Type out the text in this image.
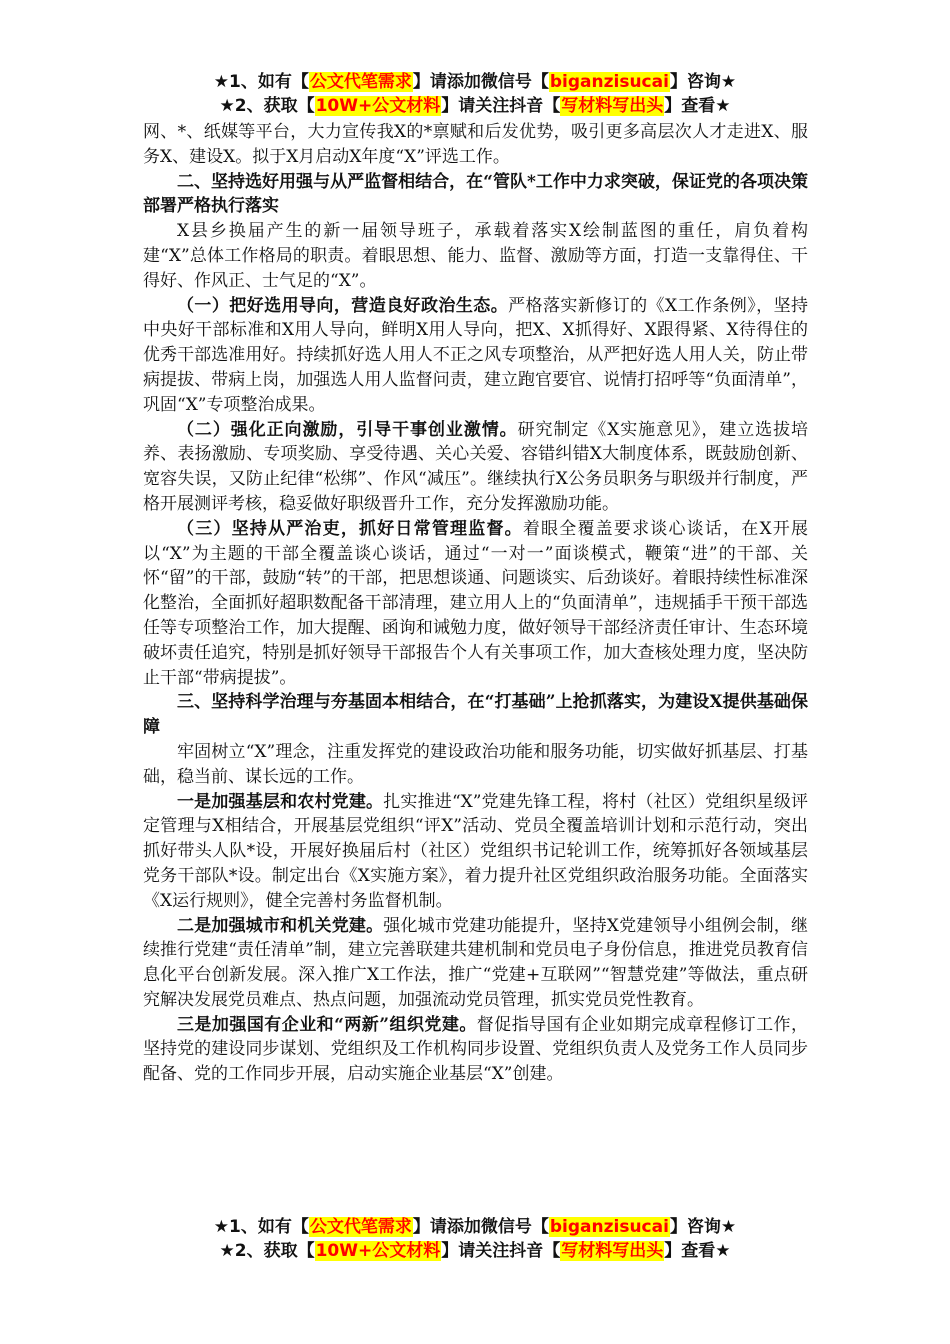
★1、如有【公文代笔需求】请添加微信号【biganzisucai】咨询★
★2、获取【10W+公文材料】请关注抖音【写材料写出头】查看★

网、*、纸媒等平台，大力宣传我X的*禀赋和后发优势，吸引更多高层次人才走进X、服务X、建设X。拟于X月启动X年度“X”评选工作。

二、坚持选好用强与从严监督相结合，在“管队*工作中力求突破，保证党的各项决策部署严格执行落实

X县乡换届产生的新一届领导班子，承载着落实X绘制蓝图的重任，肩负着构建“X”总体工作格局的职责。着眼思想、能力、监督、激励等方面，打造一支靠得住、干得好、作风正、士气足的“X”。

（一）把好选用导向，营造良好政治生态。严格落实新修订的《X工作条例》，坚持中央好干部标准和X用人导向，鲜明X用人导向，把X、X抓得好、X跟得紧、X待得住的优秀干部选准用好。持续抓好选人用人不正之风专项整治，从严把好选人用人关，防止带病提拔、带病上岗，加强选人用人监督问责，建立跑官要官、说情打招呼等“负面清单”，巩固“X”专项整治成果。

（二）强化正向激励，引导干事创业激情。研究制定《X实施意见》，建立选拔培养、表扬激励、专项奖励、享受待遇、关心关爱、容错纠错X大制度体系，既鼓励创新、宽容失误，又防止纪律“松绑”、作风“减压”。继续执行X公务员职务与职级并行制度，严格开展测评考核，稳妥做好职级晋升工作，充分发挥激励功能。

（三）坚持从严治吏，抓好日常管理监督。着眼全覆盖要求谈心谈话，在X开展以“X”为主题的干部全覆盖谈心谈话，通过“一对一”面谈模式，鞭策“进”的干部、关怀“留”的干部，鼓励“转”的干部，把思想谈通、问题谈实、后劲谈好。着眼持续性标准深化整治，全面抓好超职数配备干部清理，建立用人上的“负面清单”，违规插手干预干部选任等专项整治工作，加大提醒、函询和诫勉力度，做好领导干部经济责任审计、生态环境破坏责任追究，特别是抓好领导干部报告个人有关事项工作，加大查核处理力度，坚决防止干部“带病提拔”。

三、坚持科学治理与夯基固本相结合，在“打基础”上抢抓落实，为建设X提供基础保障

牢固树立“X”理念，注重发挥党的建设政治功能和服务功能，切实做好抓基层、打基础，稳当前、谋长远的工作。

一是加强基层和农村党建。扎实推进“X”党建先锋工程，将村（社区）党组织星级评定管理与X相结合，开展基层党组织“评X”活动、党员全覆盖培训计划和示范行动，突出抓好带头人队*设，开展好换届后村（社区）党组织书记轮训工作，统筹抓好各领域基层党务干部队*设。制定出台《X实施方案》，着力提升社区党组织政治服务功能。全面落实《X运行规则》，健全完善村务监督机制。

二是加强城市和机关党建。强化城市党建功能提升，坚持X党建领导小组例会制，继续推行党建“责任清单”制，建立完善联建共建机制和党员电子身份信息，推进党员教育信息化平台创新发展。深入推广X工作法，推广“党建+互联网”“智慧党建”等做法，重点研究解决发展党员难点、热点问题，加强流动党员管理，抓实党员党性教育。

三是加强国有企业和“两新”组织党建。督促指导国有企业如期完成章程修订工作，坚持党的建设同步谋划、党组织及工作机构同步设置、党组织负责人及党务工作人员同步配备、党的工作同步开展，启动实施企业基层“X”创建。

★1、如有【公文代笔需求】请添加微信号【biganzisucai】咨询★
★2、获取【10W+公文材料】请关注抖音【写材料写出头】查看★
